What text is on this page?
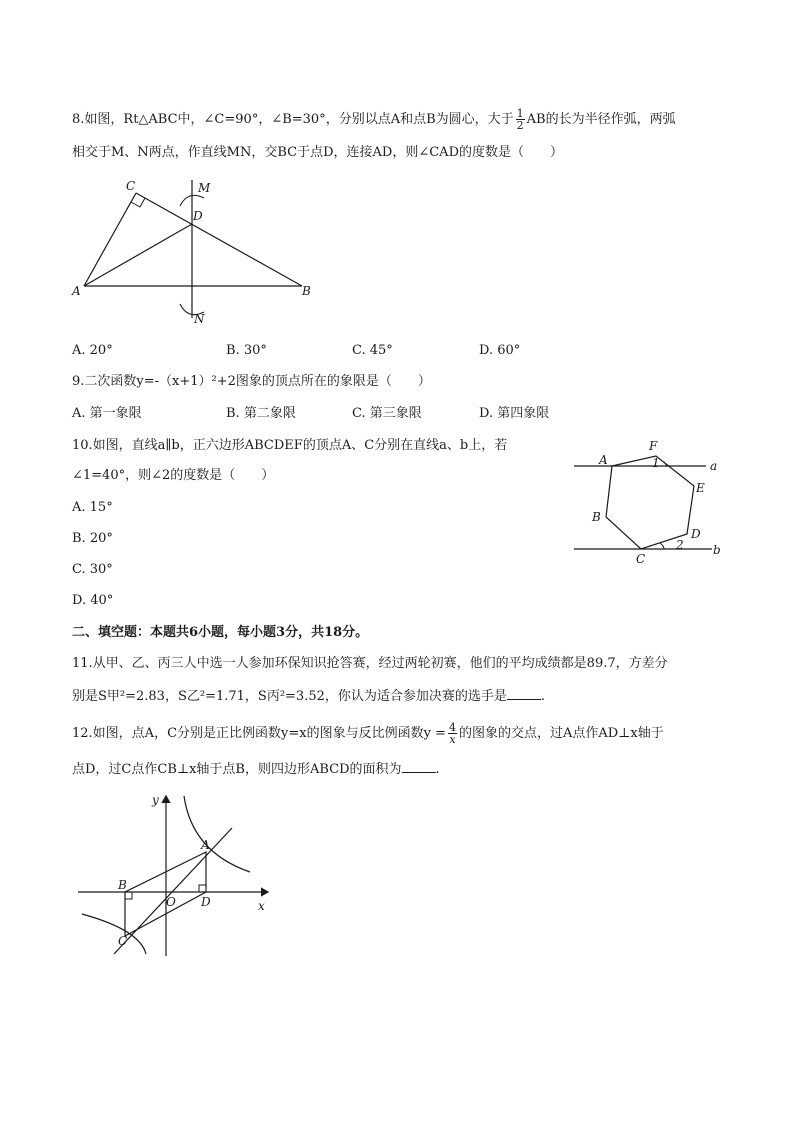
8.如图，Rt△ABC中，∠C=90°，∠B=30°，分别以点A和点B为圆心，大于 $\frac{1}{2}$ AB的长为半径作弧，两弧
相交于M、N两点，作直线MN，交BC于点D，连接AD，则∠CAD的度数是（　　）
C	M
D
A	B
N
A. 20°	B. 30°	C. 45°	D. 60°
9.二次函数y=-（x+1）²+2图象的顶点所在的象限是（　　）
A. 第一象限	B. 第二象限	C. 第三象限	D. 第四象限
10.如图，直线a∥b，正六边形ABCDEF的顶点A、C分别在直线a、b上，若
∠1=40°，则∠2的度数是（　　）
A. 15°
B. 20°
C. 30°
D. 40°
F
A	1	a
E
B
D
2
C
b
二、填空题：本题共6小题，每小题3分，共18分。
11.从甲、乙、丙三人中选一人参加环保知识抢答赛，经过两轮初赛，他们的平均成绩都是89.7，方差分
别是S甲²=2.83，S乙²=1.71，S丙²=3.52，你认为适合参加决赛的选手是	.
12.如图，点A，C分别是正比例函数y=x的图象与反比例函数$y = \frac{4}{x}$ 的图象的交点，过A点作AD⊥x轴于
点D，过C点作CB⊥x轴于点B，则四边形ABCD的面积为	.
y
A
B
O D	x
C
